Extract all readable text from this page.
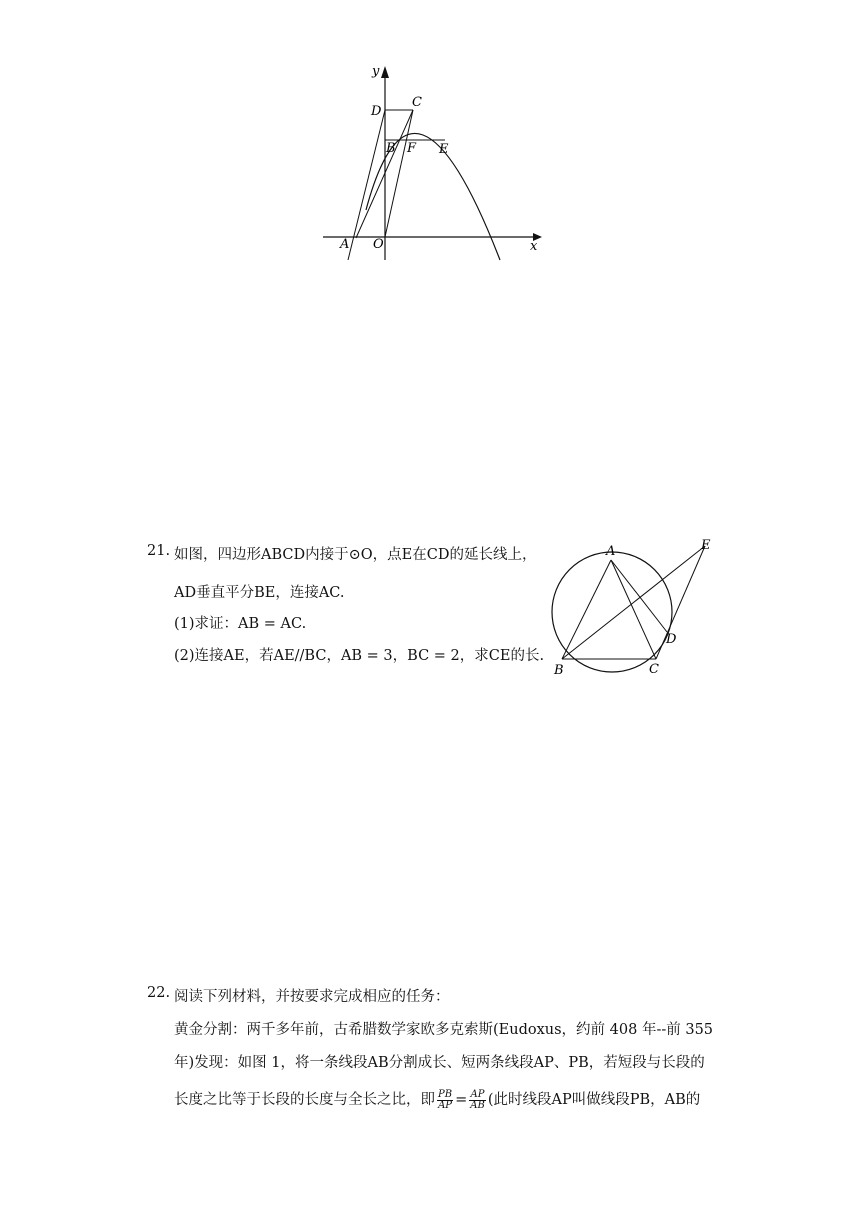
y
x
D
C
B F E
A O
21. 如图，四边形ABCD内接于⊙O，点E在CD的延长线上，
AD垂直平分BE，连接AC.
(1)求证：AB = AC.
(2)连接AE，若AE//BC，AB = 3，BC = 2，求CE的长.
A
B	C
D
E
22. 阅读下列材料，并按要求完成相应的任务：
黄金分割：两千多年前，古希腊数学家欧多克索斯(Eudoxus，约前 408 年--前 355
年)发现：如图 1，将一条线段AB分割成长、短两条线段AP、PB，若短段与长段的
长度之比等于长段的长度与全长之比，即 $\frac{PB}{AP} = \frac{AP}{AB}$ (此时线段AP叫做线段PB，AB的
